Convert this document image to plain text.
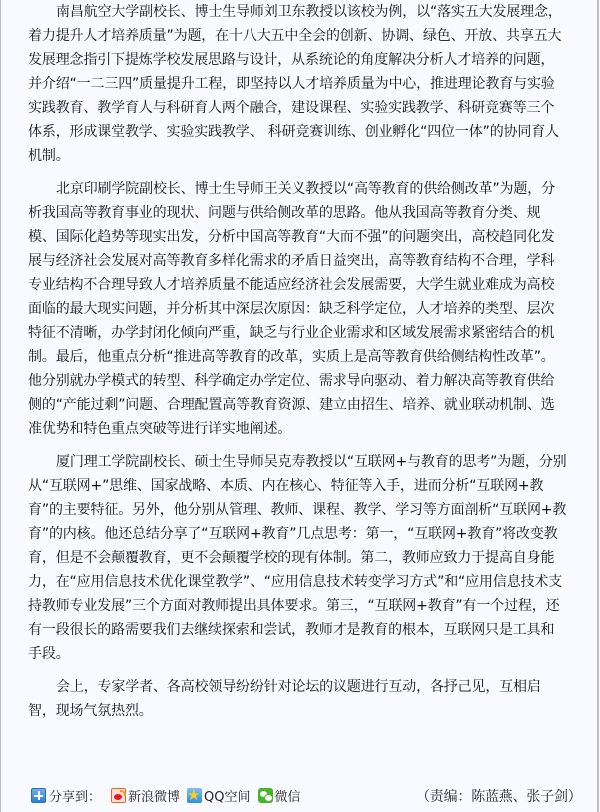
南昌航空大学副校长、博士生导师刘卫东教授以该校为例，以“落实五大发展理念，着力提升人才培养质量”为题，在十八大五中全会的创新、协调、绿色、开放、共享五大发展理念指引下提炼学校发展思路与设计，从系统论的角度解决分析人才培养的问题，并介绍“一二三四”质量提升工程，即坚持以人才培养质量为中心，推进理论教育与实验实践教育、教学育人与科研育人两个融合，建设课程、实验实践教学、科研竞赛等三个体系，形成课堂教学、实验实践教学、 科研竞赛训练、创业孵化“四位一体”的协同育人机制。

北京印刷学院副校长、博士生导师王关义教授以“高等教育的供给侧改革”为题，分析我国高等教育事业的现状、问题与供给侧改革的思路。他从我国高等教育分类、规模、国际化趋势等现实出发，分析中国高等教育“大而不强”的问题突出，高校趋同化发展与经济社会发展对高等教育多样化需求的矛盾日益突出，高等教育结构不合理，学科专业结构不合理导致人才培养质量不能适应经济社会发展需要，大学生就业难成为高校面临的最大现实问题，并分析其中深层次原因：缺乏科学定位，人才培养的类型、层次特征不清晰，办学封闭化倾向严重，缺乏与行业企业需求和区域发展需求紧密结合的机制。最后，他重点分析“推进高等教育的改革，实质上是高等教育供给侧结构性改革”。他分别就办学模式的转型、科学确定办学定位、需求导向驱动、着力解决高等教育供给侧的“产能过剩”问题、合理配置高等教育资源、建立由招生、培养、就业联动机制、选准优势和特色重点突破等进行详实地阐述。

厦门理工学院副校长、硕士生导师吴克寿教授以“互联网+与教育的思考”为题，分别从“互联网+”思维、国家战略、本质、内在核心、特征等入手，进而分析“互联网+教育”的主要特征。另外，他分别从管理、教师、课程、教学、学习等方面剖析“互联网+教育”的内核。他还总结分享了“互联网+教育”几点思考：第一，“互联网+教育”将改变教育，但是不会颠覆教育，更不会颠覆学校的现有体制。第二，教师应致力于提高自身能力，在“应用信息技术优化课堂教学”、“应用信息技术转变学习方式”和“应用信息技术支持教师专业发展”三个方面对教师提出具体要求。第三，“互联网+教育”有一个过程，还有一段很长的路需要我们去继续探索和尝试，教师才是教育的根本，互联网只是工具和手段。

会上，专家学者、各高校领导纷纷针对论坛的议题进行互动，各抒己见，互相启智，现场气氛热烈。

分享到： 新浪微博 ★ QQ空间 微信	（责编：陈蓝燕、张子剑）
